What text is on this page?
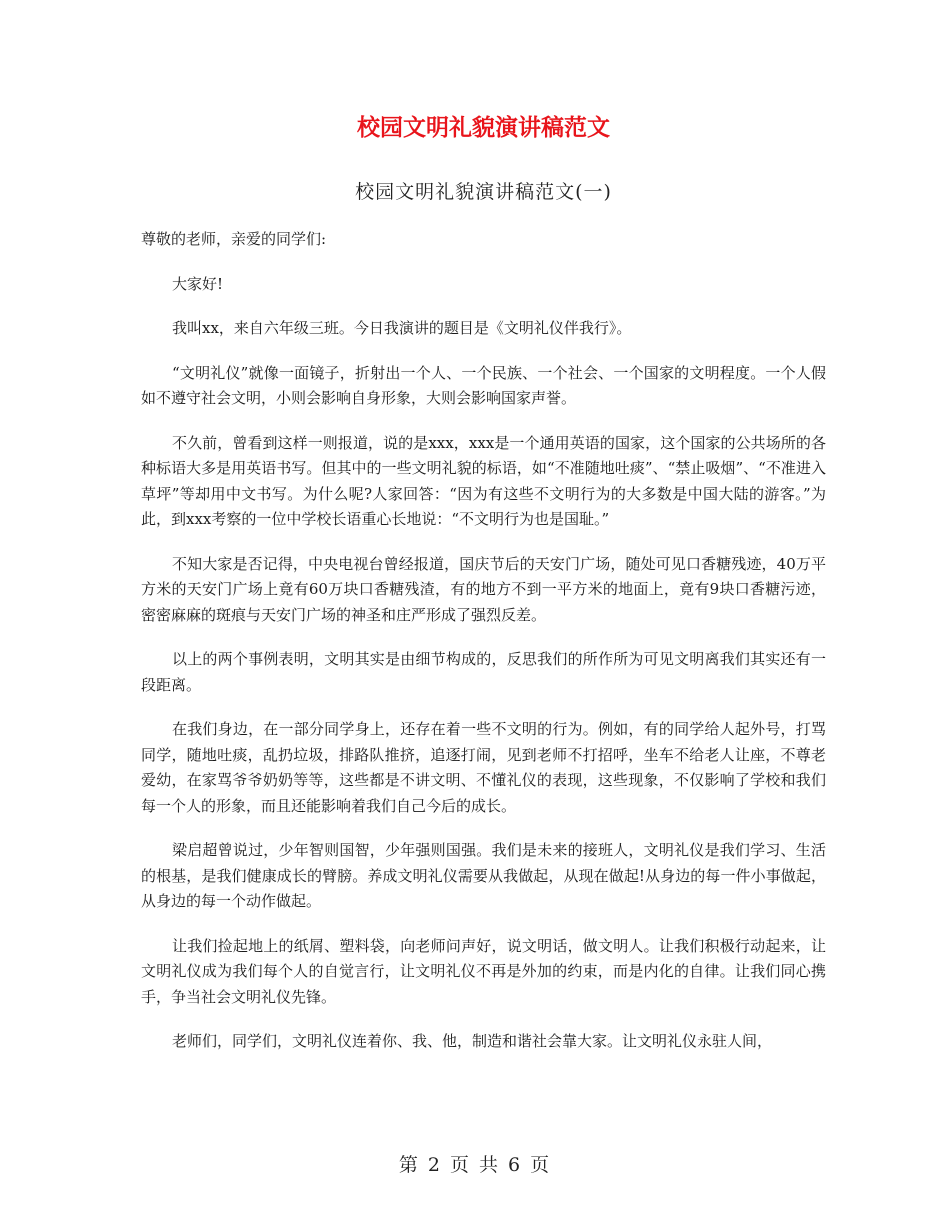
校园文明礼貌演讲稿范文
校园文明礼貌演讲稿范文(一)

尊敬的老师，亲爱的同学们:

大家好!

我叫xx，来自六年级三班。今日我演讲的题目是《文明礼仪伴我行》。

“文明礼仪”就像一面镜子，折射出一个人、一个民族、一个社会、一个国家的文明程度。一个人假如不遵守社会文明，小则会影响自身形象，大则会影响国家声誉。

不久前，曾看到这样一则报道，说的是xxx，xxx是一个通用英语的国家，这个国家的公共场所的各种标语大多是用英语书写。但其中的一些文明礼貌的标语，如“不准随地吐痰”、“禁止吸烟”、“不准进入草坪”等却用中文书写。为什么呢?人家回答：“因为有这些不文明行为的大多数是中国大陆的游客。”为此，到xxx考察的一位中学校长语重心长地说：“不文明行为也是国耻。”

不知大家是否记得，中央电视台曾经报道，国庆节后的天安门广场，随处可见口香糖残迹，40万平方米的天安门广场上竟有60万块口香糖残渣，有的地方不到一平方米的地面上，竟有9块口香糖污迹，密密麻麻的斑痕与天安门广场的神圣和庄严形成了强烈反差。

以上的两个事例表明，文明其实是由细节构成的，反思我们的所作所为可见文明离我们其实还有一段距离。

在我们身边，在一部分同学身上，还存在着一些不文明的行为。例如，有的同学给人起外号，打骂同学，随地吐痰，乱扔垃圾，排路队推挤，追逐打闹，见到老师不打招呼，坐车不给老人让座，不尊老爱幼，在家骂爷爷奶奶等等，这些都是不讲文明、不懂礼仪的表现，这些现象，不仅影响了学校和我们每一个人的形象，而且还能影响着我们自己今后的成长。

梁启超曾说过，少年智则国智，少年强则国强。我们是未来的接班人，文明礼仪是我们学习、生活的根基，是我们健康成长的臂膀。养成文明礼仪需要从我做起，从现在做起!从身边的每一件小事做起，从身边的每一个动作做起。

让我们捡起地上的纸屑、塑料袋，向老师问声好，说文明话，做文明人。让我们积极行动起来，让文明礼仪成为我们每个人的自觉言行，让文明礼仪不再是外加的约束，而是内化的自律。让我们同心携手，争当社会文明礼仪先锋。

老师们，同学们，文明礼仪连着你、我、他，制造和谐社会靠大家。让文明礼仪永驻人间，

第 2 页 共 6 页
